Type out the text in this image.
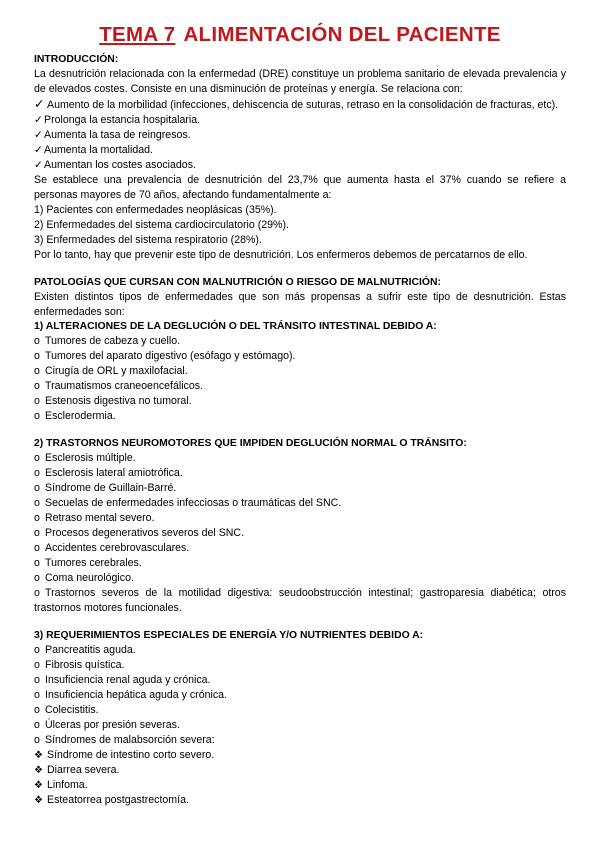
TEMA 7 ALIMENTACIÓN DEL PACIENTE

INTRODUCCIÓN:

La desnutrición relacionada con la enfermedad (DRE) constituye un problema sanitario de elevada prevalencia y de elevados costes. Consiste en una disminución de proteínas y energía. Se relaciona con:

✓ Aumento de la morbilidad (infecciones, dehiscencia de suturas, retraso en la consolidación de fracturas, etc).

✓Prolonga la estancia hospitalaria.

✓Aumenta la tasa de reingresos.

✓Aumenta la mortalidad.

✓Aumentan los costes asociados.

Se establece una prevalencia de desnutrición del 23,7% que aumenta hasta el 37% cuando se refiere a personas mayores de 70 años, afectando fundamentalmente a:

1) Pacientes con enfermedades neoplásicas (35%).

2) Enfermedades del sistema cardiocirculatorio (29%).

3) Enfermedades del sistema respiratorio (28%).

Por lo tanto, hay que prevenir este tipo de desnutrición. Los enfermeros debemos de percatarnos de ello.

PATOLOGÍAS QUE CURSAN CON MALNUTRICIÓN O RIESGO DE MALNUTRICIÓN:

Existen distintos tipos de enfermedades que son más propensas a sufrir este tipo de desnutrición. Estas enfermedades son:

1) ALTERACIONES DE LA DEGLUCIÓN O DEL TRÁNSITO INTESTINAL DEBIDO A:

o Tumores de cabeza y cuello.

o Tumores del aparato digestivo (esófago y estómago).

o Cirugía de ORL y maxilofacial.

o Traumatismos craneoencefálicos.

o Estenosis digestiva no tumoral.

o Esclerodermia.

2) TRASTORNOS NEUROMOTORES QUE IMPIDEN DEGLUCIÓN NORMAL O TRÁNSITO:

o Esclerosis múltiple.

o Esclerosis lateral amiotrófica.

o Síndrome de Guillain-Barré.

o Secuelas de enfermedades infecciosas o traumáticas del SNC.

o Retraso mental severo.

o Procesos degenerativos severos del SNC.

o Accidentes cerebrovasculares.

o Tumores cerebrales.

o Coma neurológico.

o Trastornos severos de la motilidad digestiva: seudoobstrucción intestinal; gastroparesia diabética; otros trastornos motores funcionales.

3) REQUERIMIENTOS ESPECIALES DE ENERGÍA Y/O NUTRIENTES DEBIDO A:

o Pancreatitis aguda.

o Fibrosis quística.

o Insuficiencia renal aguda y crónica.

o Insuficiencia hepática aguda y crónica.

o Colecistitis.

o Úlceras por presión severas.

o Síndromes de malabsorción severa:

❖ Síndrome de intestino corto severo.

❖ Diarrea severa.

❖ Linfoma.

❖ Esteatorrea postgastrectomía.
